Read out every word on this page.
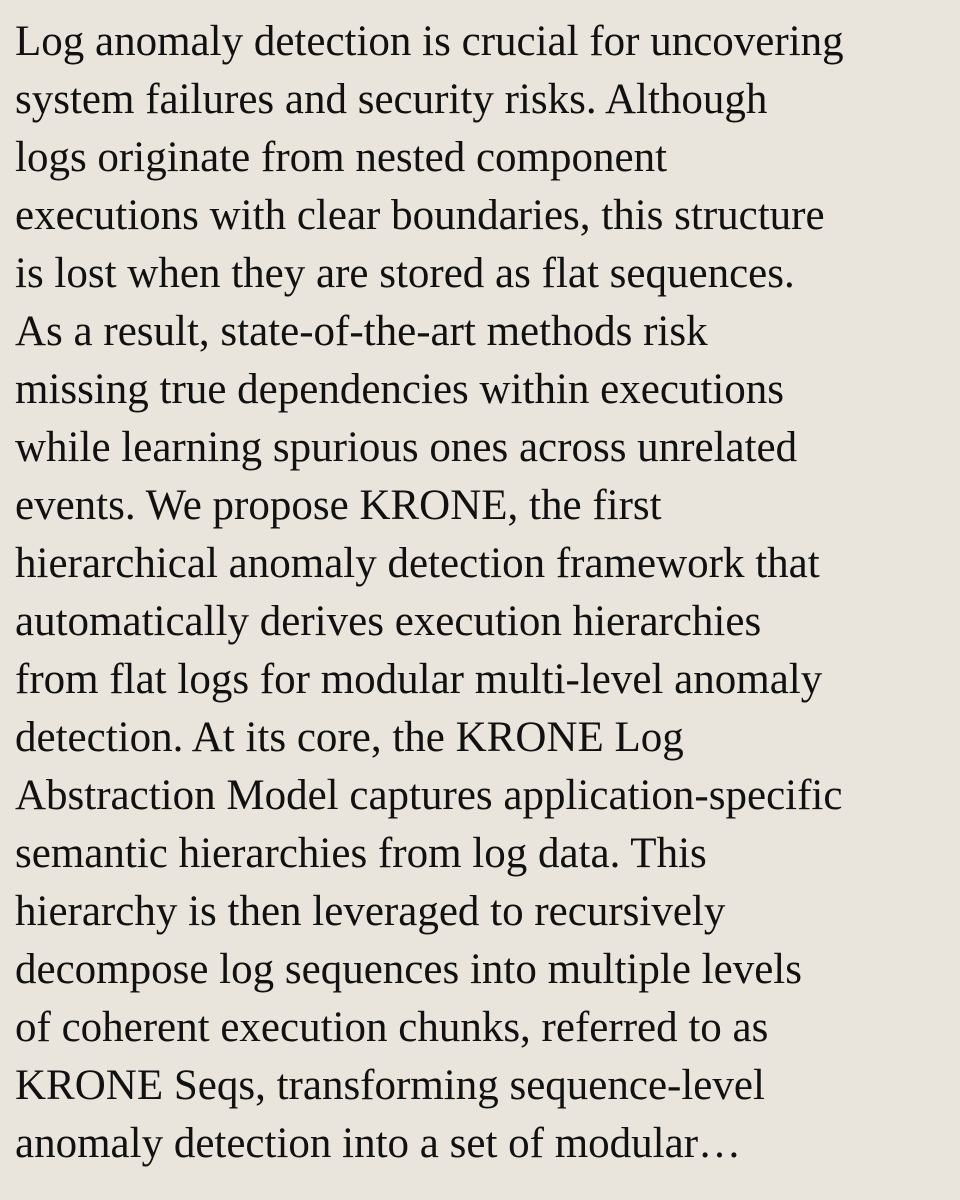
Log anomaly detection is crucial for uncovering
system failures and security risks. Although
logs originate from nested component
executions with clear boundaries, this structure
is lost when they are stored as flat sequences.
As a result, state-of-the-art methods risk
missing true dependencies within executions
while learning spurious ones across unrelated
events. We propose KRONE, the first
hierarchical anomaly detection framework that
automatically derives execution hierarchies
from flat logs for modular multi-level anomaly
detection. At its core, the KRONE Log
Abstraction Model captures application-specific
semantic hierarchies from log data. This
hierarchy is then leveraged to recursively
decompose log sequences into multiple levels
of coherent execution chunks, referred to as
KRONE Seqs, transforming sequence-level
anomaly detection into a set of modular…
